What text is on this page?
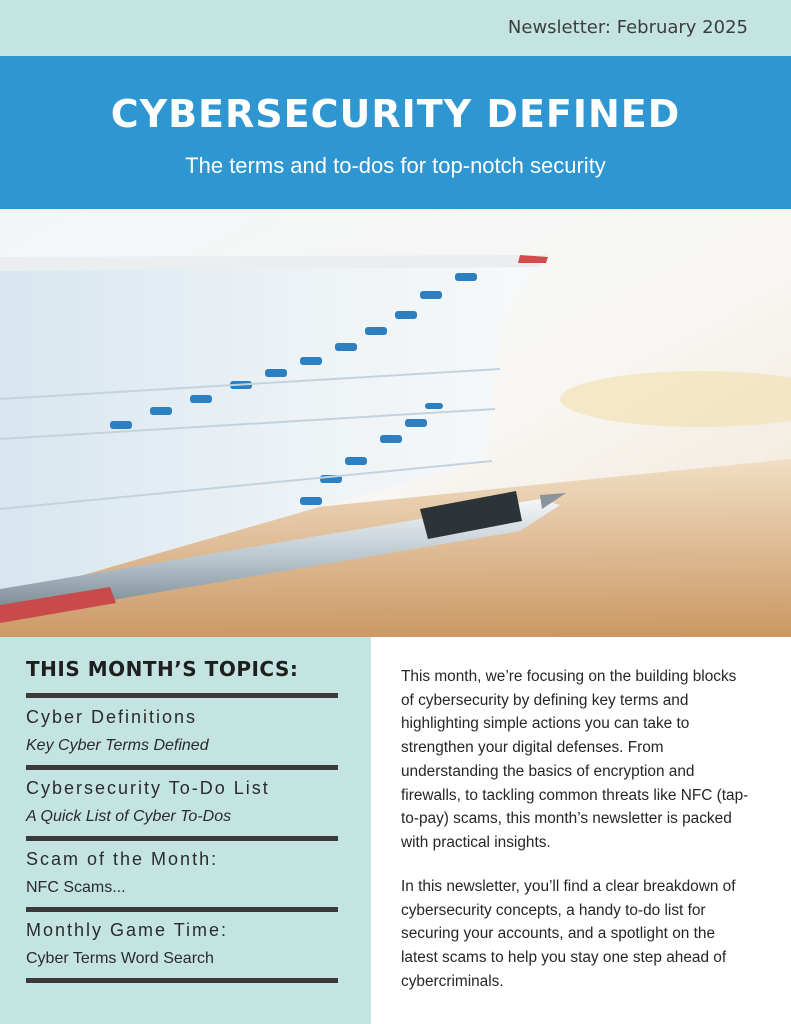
Newsletter: February 2025
CYBERSECURITY DEFINED
The terms and to-dos for top-notch security
THIS MONTH’S TOPICS:
Cyber Definitions
Key Cyber Terms Defined
Cybersecurity To-Do List
A Quick List of Cyber To-Dos
Scam of the Month:
NFC Scams...
Monthly Game Time:
Cyber Terms Word Search

This month, we’re focusing on the building blocks of cybersecurity by defining key terms and highlighting simple actions you can take to strengthen your digital defenses. From understanding the basics of encryption and firewalls, to tackling common threats like NFC (tap-to-pay) scams, this month’s newsletter is packed with practical insights.

In this newsletter, you’ll find a clear breakdown of cybersecurity concepts, a handy to-do list for securing your accounts, and a spotlight on the latest scams to help you stay one step ahead of cybercriminals.
